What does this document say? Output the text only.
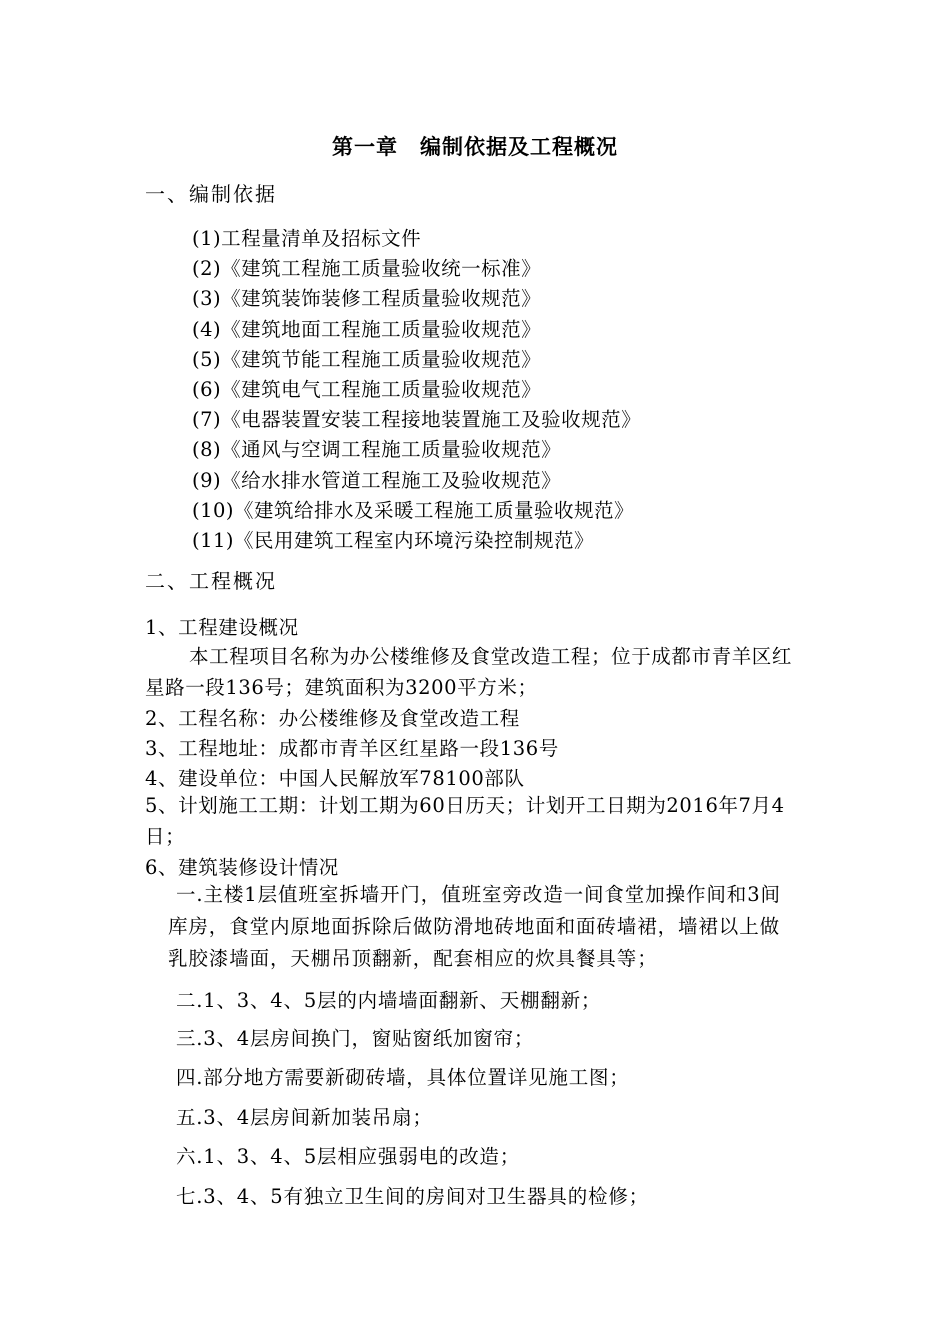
第一章　编制依据及工程概况
一、编制依据
(1)工程量清单及招标文件
(2)《建筑工程施工质量验收统一标准》
(3)《建筑装饰装修工程质量验收规范》
(4)《建筑地面工程施工质量验收规范》
(5)《建筑节能工程施工质量验收规范》
(6)《建筑电气工程施工质量验收规范》
(7)《电器装置安装工程接地装置施工及验收规范》
(8)《通风与空调工程施工质量验收规范》
(9)《给水排水管道工程施工及验收规范》
(10)《建筑给排水及采暖工程施工质量验收规范》
(11)《民用建筑工程室内环境污染控制规范》
二、工程概况
1、工程建设概况
本工程项目名称为办公楼维修及食堂改造工程；位于成都市青羊区红星路一段136号；建筑面积为3200平方米；
2、工程名称：办公楼维修及食堂改造工程
3、工程地址：成都市青羊区红星路一段136号
4、建设单位：中国人民解放军78100部队
5、计划施工工期：计划工期为60日历天；计划开工日期为2016年7月4日；
6、建筑装修设计情况
一.主楼1层值班室拆墙开门，值班室旁改造一间食堂加操作间和3间库房，食堂内原地面拆除后做防滑地砖地面和面砖墙裙，墙裙以上做乳胶漆墙面，天棚吊顶翻新，配套相应的炊具餐具等；
二.1、3、4、5层的内墙墙面翻新、天棚翻新；
三.3、4层房间换门，窗贴窗纸加窗帘；
四.部分地方需要新砌砖墙，具体位置详见施工图；
五.3、4层房间新加装吊扇；
六.1、3、4、5层相应强弱电的改造；
七.3、4、5有独立卫生间的房间对卫生器具的检修；
